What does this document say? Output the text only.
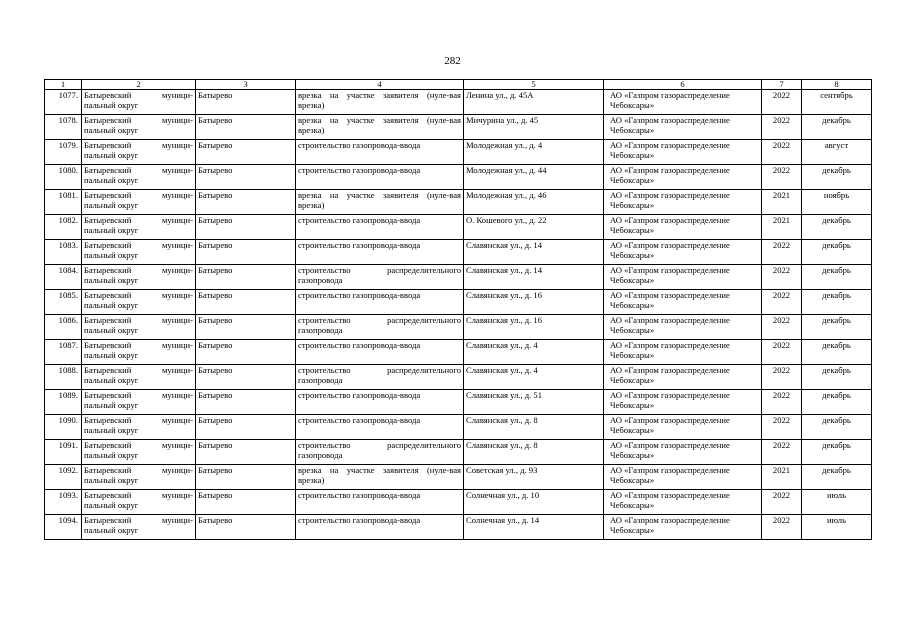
282
1	2	3	4	5	6	7	8
1077.	Батыревский муници-пальный округ	Батырево	врезка на участке заявителя (нуле-вая врезка)	Ленина ул., д. 45А	АО «Газпром газораспределение Чебоксары»	2022	сентябрь
1078.	Батыревский муници-пальный округ	Батырево	врезка на участке заявителя (нуле-вая врезка)	Мичурина ул., д. 45	АО «Газпром газораспределение Чебоксары»	2022	декабрь
1079.	Батыревский муници-пальный округ	Батырево	строительство газопровода-ввода	Молодежная ул., д. 4	АО «Газпром газораспределение Чебоксары»	2022	август
1080.	Батыревский муници-пальный округ	Батырево	строительство газопровода-ввода	Молодежная ул., д. 44	АО «Газпром газораспределение Чебоксары»	2022	декабрь
1081.	Батыревский муници-пальный округ	Батырево	врезка на участке заявителя (нуле-вая врезка)	Молодежная ул., д. 46	АО «Газпром газораспределение Чебоксары»	2021	ноябрь
1082.	Батыревский муници-пальный округ	Батырево	строительство газопровода-ввода	О. Кошевого ул., д. 22	АО «Газпром газораспределение Чебоксары»	2021	декабрь
1083.	Батыревский муници-пальный округ	Батырево	строительство газопровода-ввода	Славянская ул., д. 14	АО «Газпром газораспределение Чебоксары»	2022	декабрь
1084.	Батыревский муници-пальный округ	Батырево	строительство распределительного газопровода	Славянская ул., д. 14	АО «Газпром газораспределение Чебоксары»	2022	декабрь
1085.	Батыревский муници-пальный округ	Батырево	строительство газопровода-ввода	Славянская ул., д. 16	АО «Газпром газораспределение Чебоксары»	2022	декабрь
1086.	Батыревский муници-пальный округ	Батырево	строительство распределительного газопровода	Славянская ул., д. 16	АО «Газпром газораспределение Чебоксары»	2022	декабрь
1087.	Батыревский муници-пальный округ	Батырево	строительство газопровода-ввода	Славянская ул., д. 4	АО «Газпром газораспределение Чебоксары»	2022	декабрь
1088.	Батыревский муници-пальный округ	Батырево	строительство распределительного газопровода	Славянская ул., д. 4	АО «Газпром газораспределение Чебоксары»	2022	декабрь
1089.	Батыревский муници-пальный округ	Батырево	строительство газопровода-ввода	Славянская ул., д. 51	АО «Газпром газораспределение Чебоксары»	2022	декабрь
1090.	Батыревский муници-пальный округ	Батырево	строительство газопровода-ввода	Славянская ул., д. 8	АО «Газпром газораспределение Чебоксары»	2022	декабрь
1091.	Батыревский муници-пальный округ	Батырево	строительство распределительного газопровода	Славянская ул., д. 8	АО «Газпром газораспределение Чебоксары»	2022	декабрь
1092.	Батыревский муници-пальный округ	Батырево	врезка на участке заявителя (нуле-вая врезка)	Советская ул., д. 93	АО «Газпром газораспределение Чебоксары»	2021	декабрь
1093.	Батыревский муници-пальный округ	Батырево	строительство газопровода-ввода	Солнечная ул., д. 10	АО «Газпром газораспределение Чебоксары»	2022	июль
1094.	Батыревский муници-пальный округ	Батырево	строительство газопровода-ввода	Солнечная ул., д. 14	АО «Газпром газораспределение Чебоксары»	2022	июль
